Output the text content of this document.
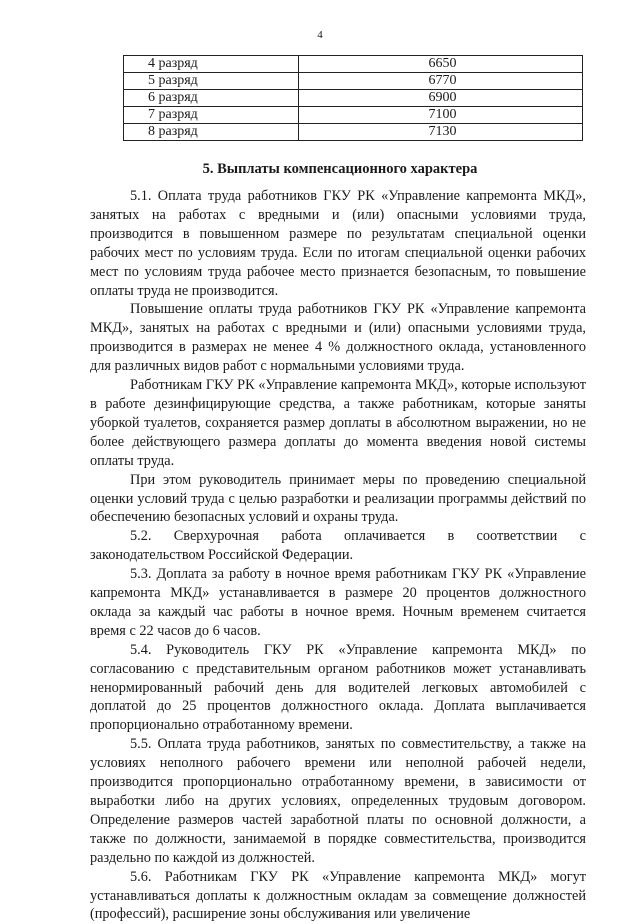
4
4 разряд	6650
5 разряд	6770
6 разряд	6900
7 разряд	7100
8 разряд	7130
5. Выплаты компенсационного характера

5.1. Оплата труда работников ГКУ РК «Управление капремонта МКД», занятых на работах с вредными и (или) опасными условиями труда, производится в повышенном размере по результатам специальной оценки рабочих мест по условиям труда. Если по итогам специальной оценки рабочих мест по условиям труда рабочее место признается безопасным, то повышение оплаты труда не производится.

Повышение оплаты труда работников ГКУ РК «Управление капремонта МКД», занятых на работах с вредными и (или) опасными условиями труда, производится в размерах не менее 4 % должностного оклада, установленного для различных видов работ с нормальными условиями труда.

Работникам ГКУ РК «Управление капремонта МКД», которые используют в работе дезинфицирующие средства, а также работникам, которые заняты уборкой туалетов, сохраняется размер доплаты в абсолютном выражении, но не более действующего размера доплаты до момента введения новой системы оплаты труда.

При этом руководитель принимает меры по проведению специальной оценки условий труда с целью разработки и реализации программы действий по обеспечению безопасных условий и охраны труда.

5.2. Сверхурочная работа оплачивается в соответствии с законодательством Российской Федерации.

5.3. Доплата за работу в ночное время работникам ГКУ РК «Управление капремонта МКД» устанавливается в размере 20 процентов должностного оклада за каждый час работы в ночное время. Ночным временем считается время с 22 часов до 6 часов.

5.4. Руководитель ГКУ РК «Управление капремонта МКД» по согласованию с представительным органом работников может устанавливать ненормированный рабочий день для водителей легковых автомобилей с доплатой до 25 процентов должностного оклада. Доплата выплачивается пропорционально отработанному времени.

5.5. Оплата труда работников, занятых по совместительству, а также на условиях неполного рабочего времени или неполной рабочей недели, производится пропорционально отработанному времени, в зависимости от выработки либо на других условиях, определенных трудовым договором. Определение размеров частей заработной платы по основной должности, а также по должности, занимаемой в порядке совместительства, производится раздельно по каждой из должностей.

5.6. Работникам ГКУ РК «Управление капремонта МКД» могут устанавливаться доплаты к должностным окладам за совмещение должностей (профессий), расширение зоны обслуживания или увеличение
